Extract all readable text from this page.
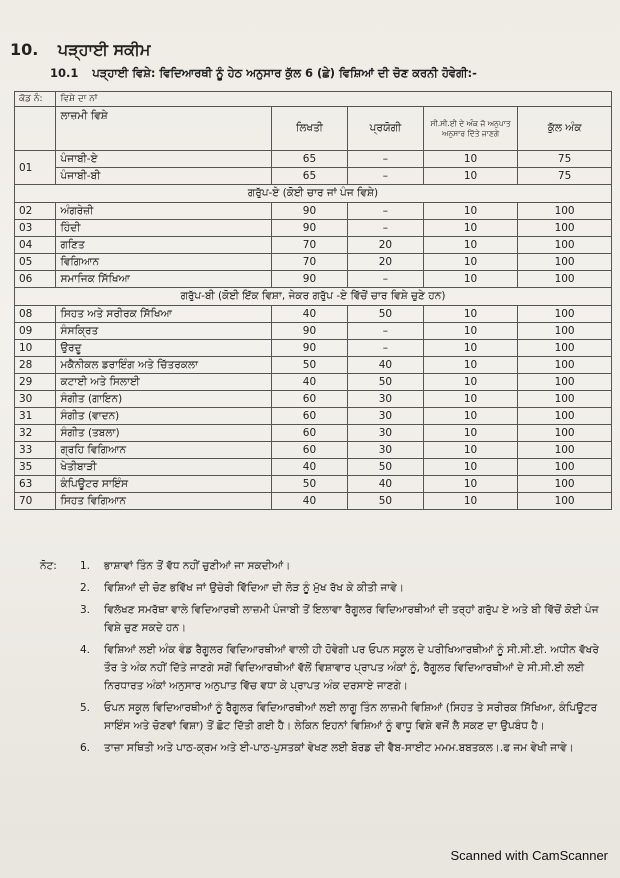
10. ਪੜ੍ਹਾਈ ਸਕੀਮ
10.1 ਪੜ੍ਹਾਈ ਵਿਸ਼ੇ: ਵਿਦਿਆਰਥੀ ਨੂੰ ਹੇਠ ਅਨੁਸਾਰ ਕੁੱਲ 6 (ਛੇ) ਵਿਸ਼ਿਆਂ ਦੀ ਚੋਣ ਕਰਨੀ ਹੋਵੇਗੀ:-
ਕੋਡ ਨੰ:	ਵਿਸ਼ੇ ਦਾ ਨਾਂ				
	ਲਾਜ਼ਮੀ ਵਿਸ਼ੇ	ਲਿਖਤੀ	ਪ੍ਰਯੋਗੀ	ਸੀ.ਸੀ.ਈ ਦੇ ਅੰਕ ਜੋ ਅਨੁਪਾਤ ਅਨੁਸਾਰ ਦਿੱਤੇ ਜਾਣਗੇ	ਕੁੱਲ ਅੰਕ
01	ਪੰਜਾਬੀ-ਏ	65	–	10	75
	ਪੰਜਾਬੀ-ਬੀ	65	–	10	75
ਗਰੁੱਪ-ਏ (ਕੋਈ ਚਾਰ ਜਾਂ ਪੰਜ ਵਿਸ਼ੇ)					
02	ਅੰਗਰੇਜ਼ੀ	90	–	10	100
03	ਹਿੰਦੀ	90	–	10	100
04	ਗਣਿਤ	70	20	10	100
05	ਵਿਗਿਆਨ	70	20	10	100
06	ਸਮਾਜਿਕ ਸਿੱਖਿਆ	90	–	10	100
ਗਰੁੱਪ-ਬੀ (ਕੋਈ ਇੱਕ ਵਿਸ਼ਾ, ਜੇਕਰ ਗਰੁੱਪ -ਏ ਵਿੱਚੋਂ ਚਾਰ ਵਿਸ਼ੇ ਚੁਣੇ ਹਨ)					
08	ਸਿਹਤ ਅਤੇ ਸਰੀਰਕ ਸਿੱਖਿਆ	40	50	10	100
09	ਸੰਸਕ੍ਰਿਤ	90	–	10	100
10	ਉਰਦੂ	90	–	10	100
28	ਮਕੈਨੀਕਲ ਡਰਾਇੰਗ ਅਤੇ ਚਿੱਤਰਕਲਾ	50	40	10	100
29	ਕਟਾਈ ਅਤੇ ਸਿਲਾਈ	40	50	10	100
30	ਸੰਗੀਤ (ਗਾਇਨ)	60	30	10	100
31	ਸੰਗੀਤ (ਵਾਦਨ)	60	30	10	100
32	ਸੰਗੀਤ (ਤਬਲਾ)	60	30	10	100
33	ਗ੍ਰਹਿ ਵਿਗਿਆਨ	60	30	10	100
35	ਖੇਤੀਬਾੜੀ	40	50	10	100
63	ਕੰਪਿਊਟਰ ਸਾਇੰਸ	50	40	10	100
70	ਸਿਹਤ ਵਿਗਿਆਨ	40	50	10	100
ਨੋਟ: 1. ਭਾਸ਼ਾਵਾਂ ਤਿੰਨ ਤੋਂ ਵੱਧ ਨਹੀਂ ਚੁਣੀਆਂ ਜਾ ਸਕਦੀਆਂ।
2. ਵਿਸ਼ਿਆਂ ਦੀ ਚੋਣ ਭਵਿੱਖ ਜਾਂ ਉਚੇਰੀ ਵਿੱਦਿਆ ਦੀ ਲੋੜ ਨੂੰ ਮੁੱਖ ਰੱਖ ਕੇ ਕੀਤੀ ਜਾਵੇ।
3. ਵਿਲੱਖਣ ਸਮਰੱਥਾ ਵਾਲੇ ਵਿਦਿਆਰਥੀ ਲਾਜ਼ਮੀ ਪੰਜਾਬੀ ਤੋਂ ਇਲਾਵਾ ਰੈਗੂਲਰ ਵਿਦਿਆਰਥੀਆਂ ਦੀ ਤਰ੍ਹਾਂ ਗਰੁੱਪ ਏ ਅਤੇ ਬੀ ਵਿੱਚੋਂ ਕੋਈ ਪੰਜ ਵਿਸ਼ੇ ਚੁਣ ਸਕਦੇ ਹਨ।
4. ਵਿਸ਼ਿਆਂ ਲਈ ਅੰਕ ਵੰਡ ਰੈਗੂਲਰ ਵਿਦਿਆਰਥੀਆਂ ਵਾਲੀ ਹੀ ਹੋਵੇਗੀ ਪਰ ਓਪਨ ਸਕੂਲ ਦੇ ਪਰੀਖਿਆਰਥੀਆਂ ਨੂੰ ਸੀ.ਸੀ.ਈ. ਅਧੀਨ ਵੱਖਰੇ ਤੌਰ ਤੇ ਅੰਕ ਨਹੀਂ ਦਿੱਤੇ ਜਾਣਗੇ ਸਗੋਂ ਵਿਦਿਆਰਥੀਆਂ ਵੱਲੋਂ ਵਿਸ਼ਾਵਾਰ ਪ੍ਰਾਪਤ ਅੰਕਾਂ ਨੂੰ, ਰੈਗੂਲਰ ਵਿਦਿਆਰਥੀਆਂ ਦੇ ਸੀ.ਸੀ.ਈ ਲਈ ਨਿਰਧਾਰਤ ਅੰਕਾਂ ਅਨੁਸਾਰ ਅਨੁਪਾਤ ਵਿੱਚ ਵਧਾ ਕੇ ਪ੍ਰਾਪਤ ਅੰਕ ਦਰਸਾਏ ਜਾਣਗੇ।
5. ਓਪਨ ਸਕੂਲ ਵਿਦਿਆਰਥੀਆਂ ਨੂੰ ਰੈਗੂਲਰ ਵਿਦਿਆਰਥੀਆਂ ਲਈ ਲਾਗੂ ਤਿੰਨ ਲਾਜ਼ਮੀ ਵਿਸ਼ਿਆਂ (ਸਿਹਤ ਤੇ ਸਰੀਰਕ ਸਿੱਖਿਆ, ਕੰਪਿਊਟਰ ਸਾਇੰਸ ਅਤੇ ਚੋਣਵਾਂ ਵਿਸ਼ਾ) ਤੋਂ ਛੋਟ ਦਿੱਤੀ ਗਈ ਹੈ। ਲੇਕਿਨ ਇਹਨਾਂ ਵਿਸ਼ਿਆਂ ਨੂੰ ਵਾਧੂ ਵਿਸ਼ੇ ਵਜੋਂ ਲੈ ਸਕਣ ਦਾ ਉਪਬੰਧ ਹੈ।
6. ਤਾਜ਼ਾ ਸਥਿਤੀ ਅਤੇ ਪਾਠ-ਕ੍ਰਮ ਅਤੇ ਈ-ਪਾਠ-ਪੁਸਤਕਾਂ ਵੇਖਣ ਲਈ ਬੋਰਡ ਦੀ ਵੈਬ-ਸਾਈਟ ਮਮਮ.ਬਬਤਕਲ।.ਫ ਜਮ ਵੇਖੀ ਜਾਵੇ।
Scanned with CamScanner
